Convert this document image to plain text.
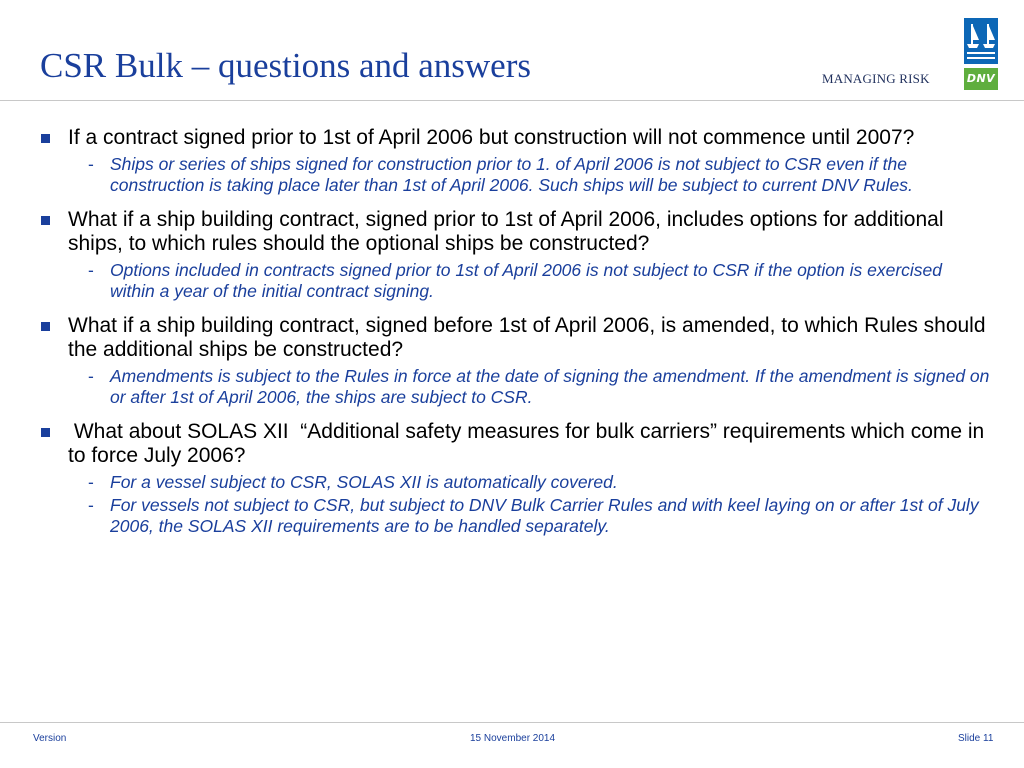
CSR Bulk – questions and answers	MANAGING RISK	DNV
If a contract signed prior to 1st of April 2006 but construction will not commence until 2007?
- Ships or series of ships signed for construction prior to 1. of April 2006 is not subject to CSR even if the construction is taking place later than 1st of April 2006. Such ships will be subject to current DNV Rules.
What if a ship building contract, signed prior to 1st of April 2006, includes options for additional ships, to which rules should the optional ships be constructed?
- Options included in contracts signed prior to 1st of April 2006 is not subject to CSR if the option is exercised within a year of the initial contract signing.
What if a ship building contract, signed before 1st of April 2006, is amended, to which Rules should the additional ships be constructed?
- Amendments is subject to the Rules in force at the date of signing the amendment. If the amendment is signed on or after 1st of April 2006, the ships are subject to CSR.
What about SOLAS XII  “Additional safety measures for bulk carriers” requirements which come in to force July 2006?
- For a vessel subject to CSR, SOLAS XII is automatically covered.
- For vessels not subject to CSR, but subject to DNV Bulk Carrier Rules and with keel laying on or after 1st of July 2006, the SOLAS XII requirements are to be handled separately.
Version	15 November 2014	Slide 11
